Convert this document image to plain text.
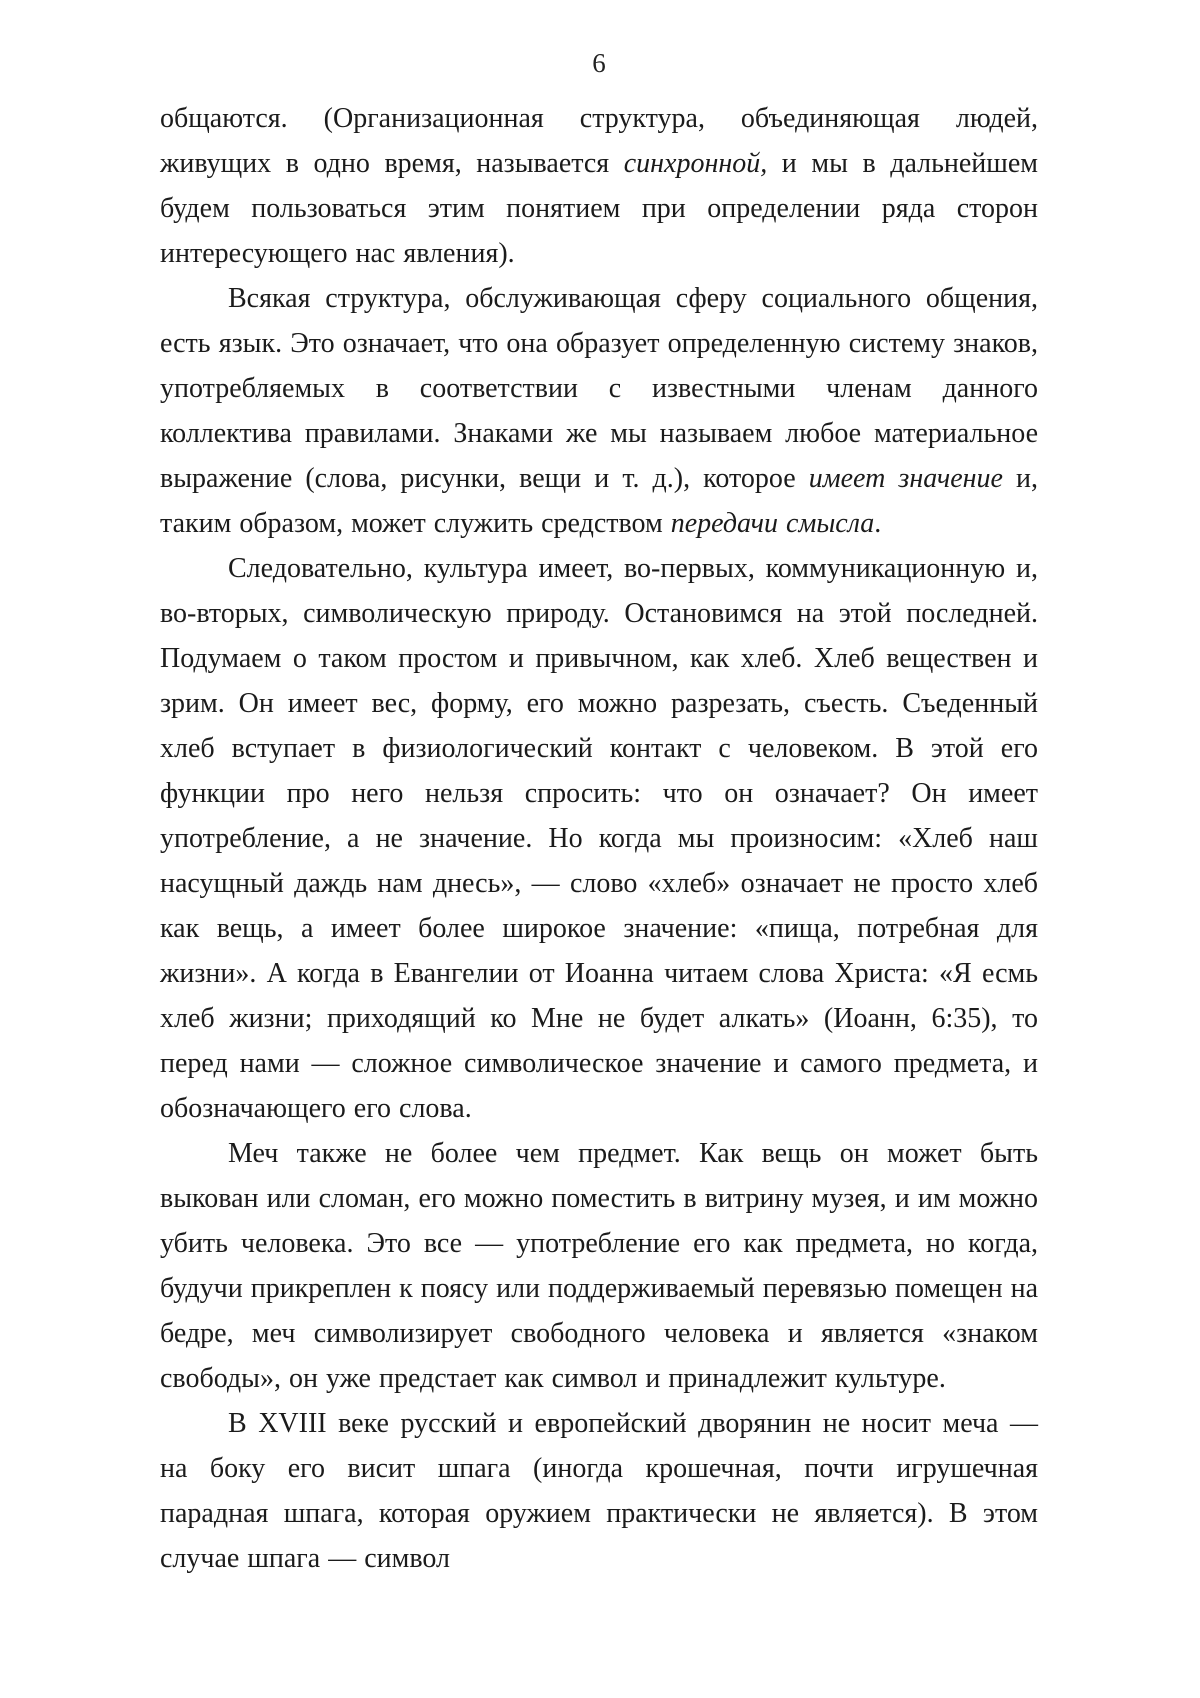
6

общаются. (Организационная структура, объединяющая людей, живущих в одно время, называется синхронной, и мы в дальнейшем будем пользоваться этим понятием при определении ряда сторон интересующего нас явления).

Всякая структура, обслуживающая сферу социального общения, есть язык. Это означает, что она образует определенную систему знаков, употребляемых в соответствии с известными членам данного коллектива правилами. Знаками же мы называем любое материальное выражение (слова, рисунки, вещи и т. д.), которое имеет значение и, таким образом, может служить средством передачи смысла.

Следовательно, культура имеет, во-первых, коммуникационную и, во-вторых, символическую природу. Остановимся на этой последней. Подумаем о таком простом и привычном, как хлеб. Хлеб веществен и зрим. Он имеет вес, форму, его можно разрезать, съесть. Съеденный хлеб вступает в физиологический контакт с человеком. В этой его функции про него нельзя спросить: что он означает? Он имеет употребление, а не значение. Но когда мы произносим: «Хлеб наш насущный даждь нам днесь», — слово «хлеб» означает не просто хлеб как вещь, а имеет более широкое значение: «пища, потребная для жизни». А когда в Евангелии от Иоанна читаем слова Христа: «Я есмь хлеб жизни; приходящий ко Мне не будет алкать» (Иоанн, 6:35), то перед нами — сложное символическое значение и самого предмета, и обозначающего его слова.

Меч также не более чем предмет. Как вещь он может быть выкован или сломан, его можно поместить в витрину музея, и им можно убить человека. Это все — употребление его как предмета, но когда, будучи прикреплен к поясу или поддерживаемый перевязью помещен на бедре, меч символизирует свободного человека и является «знаком свободы», он уже предстает как символ и принадлежит культуре.

В XVIII веке русский и европейский дворянин не носит меча — на боку его висит шпага (иногда крошечная, почти игрушечная парадная шпага, которая оружием практически не является). В этом случае шпага — символ
